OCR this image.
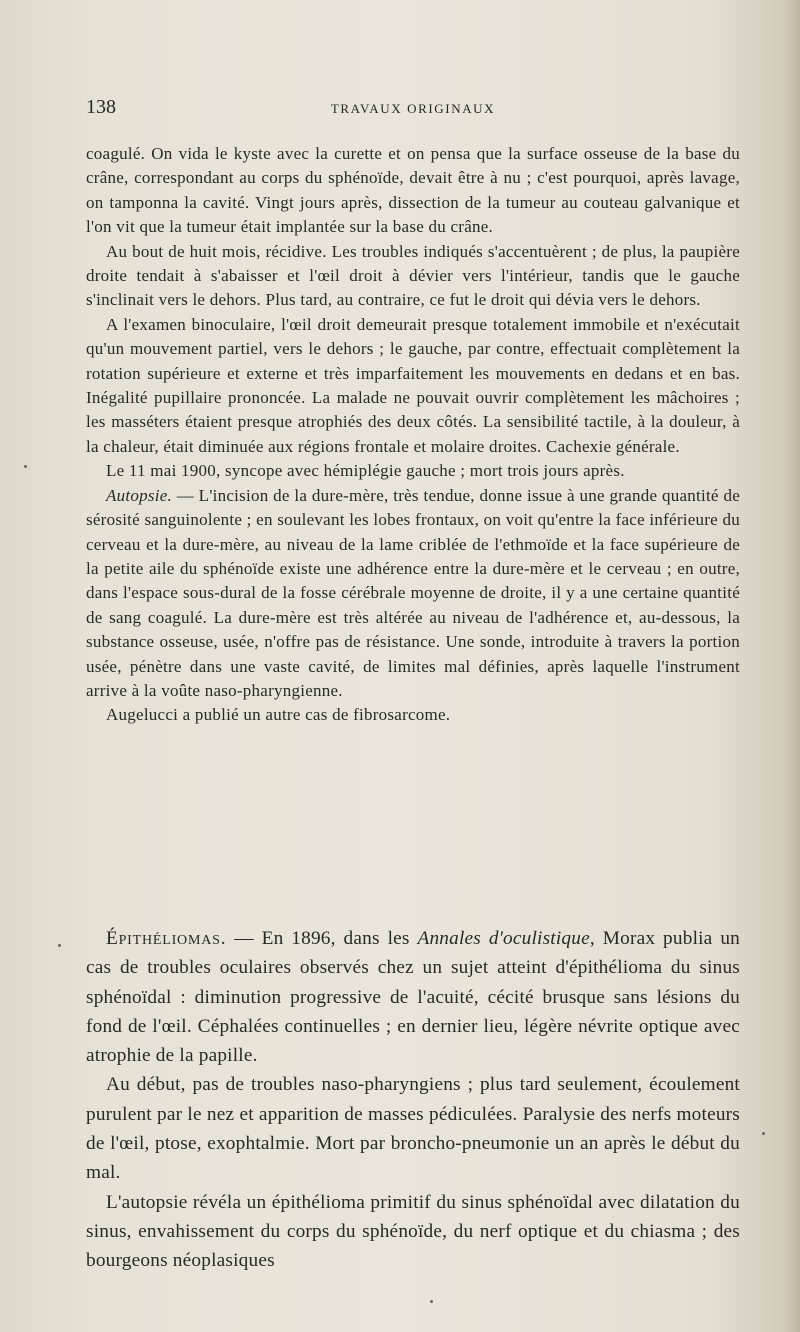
138	TRAVAUX ORIGINAUX

coagulé. On vida le kyste avec la curette et on pensa que la surface osseuse de la base du crâne, correspondant au corps du sphénoïde, devait être à nu ; c'est pourquoi, après lavage, on tamponna la cavité. Vingt jours après, dissection de la tumeur au couteau galvanique et l'on vit que la tumeur était implantée sur la base du crâne.

Au bout de huit mois, récidive. Les troubles indiqués s'accentuèrent ; de plus, la paupière droite tendait à s'abaisser et l'œil droit à dévier vers l'intérieur, tandis que le gauche s'inclinait vers le dehors. Plus tard, au contraire, ce fut le droit qui dévia vers le dehors.

A l'examen binoculaire, l'œil droit demeurait presque totalement immobile et n'exécutait qu'un mouvement partiel, vers le dehors ; le gauche, par contre, effectuait complètement la rotation supérieure et externe et très imparfaitement les mouvements en dedans et en bas. Inégalité pupillaire prononcée. La malade ne pouvait ouvrir complètement les mâchoires ; les masséters étaient presque atrophiés des deux côtés. La sensibilité tactile, à la douleur, à la chaleur, était diminuée aux régions frontale et molaire droites. Cachexie générale.

Le 11 mai 1900, syncope avec hémiplégie gauche ; mort trois jours après.

Autopsie. — L'incision de la dure-mère, très tendue, donne issue à une grande quantité de sérosité sanguinolente ; en soulevant les lobes frontaux, on voit qu'entre la face inférieure du cerveau et la dure-mère, au niveau de la lame criblée de l'ethmoïde et la face supérieure de la petite aile du sphénoïde existe une adhérence entre la dure-mère et le cerveau ; en outre, dans l'espace sous-dural de la fosse cérébrale moyenne de droite, il y a une certaine quantité de sang coagulé. La dure-mère est très altérée au niveau de l'adhérence et, au-dessous, la substance osseuse, usée, n'offre pas de résistance. Une sonde, introduite à travers la portion usée, pénètre dans une vaste cavité, de limites mal définies, après laquelle l'instrument arrive à la voûte naso-pharyngienne.

Augelucci a publié un autre cas de fibrosarcome.

Épithéliomas. — En 1896, dans les Annales d'oculistique, Morax publia un cas de troubles oculaires observés chez un sujet atteint d'épithélioma du sinus sphénoïdal : diminution progressive de l'acuité, cécité brusque sans lésions du fond de l'œil. Céphalées continuelles ; en dernier lieu, légère névrite optique avec atrophie de la papille.

Au début, pas de troubles naso-pharyngiens ; plus tard seulement, écoulement purulent par le nez et apparition de masses pédiculées. Paralysie des nerfs moteurs de l'œil, ptose, exophtalmie. Mort par broncho-pneumonie un an après le début du mal.

L'autopsie révéla un épithélioma primitif du sinus sphénoïdal avec dilatation du sinus, envahissement du corps du sphénoïde, du nerf optique et du chiasma ; des bourgeons néoplasiques
